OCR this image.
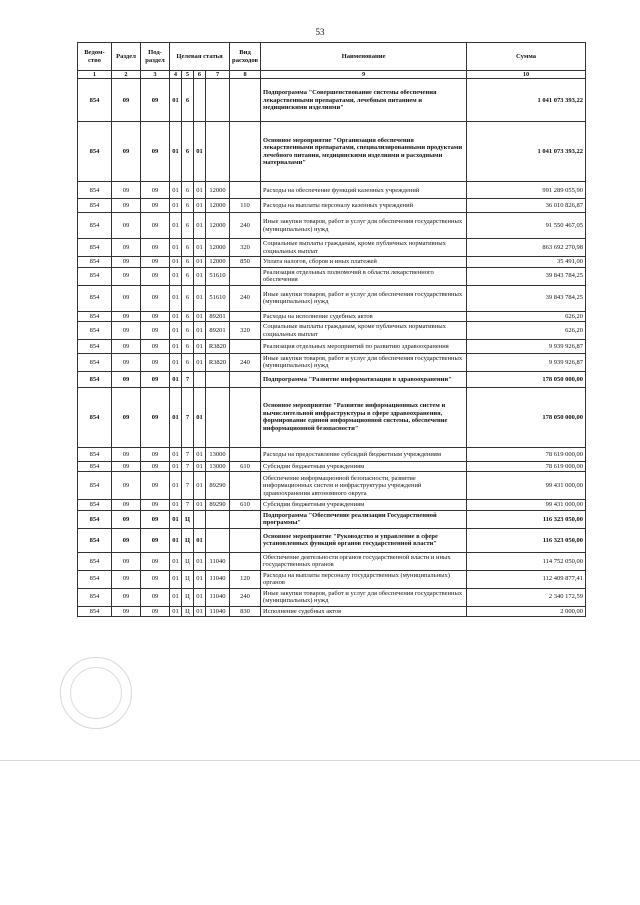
53
Ведом-ство	Раздел	Под-раздел	Целевая статья				Вид расходов	Наименование	Сумма
1	2	3	4	5	6	7	8	9	10
854	09	09	01	6				Подпрограмма "Совершенствование системы обеспечения лекарственными препаратами, лечебным питанием и медицинскими изделиями"	1 041 073 393,22
854	09	09	01	6	01			Основное мероприятие "Организация обеспечения лекарственными препаратами, специализированными продуктами лечебного питания, медицинскими изделиями и расходными материалами"	1 041 073 393,22
854	09	09	01	6	01	12000		Расходы на обеспечение функций казенных учреждений	991 289 055,90
854	09	09	01	6	01	12000	110	Расходы на выплаты персоналу казенных учреждений	36 010 826,87
854	09	09	01	6	01	12000	240	Иные закупки товаров, работ и услуг для обеспечения государственных (муниципальных) нужд	91 550 467,05
854	09	09	01	6	01	12000	320	Социальные выплаты гражданам, кроме публичных нормативных социальных выплат	863 692 270,98
854	09	09	01	6	01	12000	850	Уплата налогов, сборов и иных платежей	35 491,00
854	09	09	01	6	01	51610		Реализация отдельных полномочий в области лекарственного обеспечения	39 843 784,25
854	09	09	01	6	01	51610	240	Иные закупки товаров, работ и услуг для обеспечения государственных (муниципальных) нужд	39 843 784,25
854	09	09	01	6	01	89201		Расходы на исполнение судебных актов	626,20
854	09	09	01	6	01	89201	320	Социальные выплаты гражданам, кроме публичных нормативных социальных выплат	626,20
854	09	09	01	6	01	R3820		Реализация отдельных мероприятий по развитию здравоохранения	9 939 926,87
854	09	09	01	6	01	R3820	240	Иные закупки товаров, работ и услуг для обеспечения государственных (муниципальных) нужд	9 939 926,87
854	09	09	01	7				Подпрограмма "Развитие информатизации в здравоохранении"	178 050 000,00
854	09	09	01	7	01			Основное мероприятие "Развитие информационных систем и вычислительной инфраструктуры в сфере здравоохранения, формирование единой информационной системы, обеспечение информационной безопасности"	178 050 000,00
854	09	09	01	7	01	13000		Расходы на предоставление субсидий бюджетным учреждениям	78 619 000,00
854	09	09	01	7	01	13000	610	Субсидии бюджетным учреждениям	78 619 000,00
854	09	09	01	7	01	89290		Обеспечение информационной безопасности, развитие информационных систем и инфраструктуры учреждений здравоохранения автономного округа	99 431 000,00
854	09	09	01	7	01	89290	610	Субсидии бюджетным учреждениям	99 431 000,00
854	09	09	01	Ц				Подпрограмма "Обеспечение реализации Государственной программы"	116 323 050,00
854	09	09	01	Ц	01			Основное мероприятие "Руководство и управление в сфере установленных функций органов государственной власти"	116 323 050,00
854	09	09	01	Ц	01	11040		Обеспечение деятельности органов государственной власти и иных государственных органов	114 752 050,00
854	09	09	01	Ц	01	11040	120	Расходы на выплаты персоналу государственных (муниципальных) органов	112 409 877,41
854	09	09	01	Ц	01	11040	240	Иные закупки товаров, работ и услуг для обеспечения государственных (муниципальных) нужд	2 340 172,59
854	09	09	01	Ц	01	11040	830	Исполнение судебных актов	2 000,00
